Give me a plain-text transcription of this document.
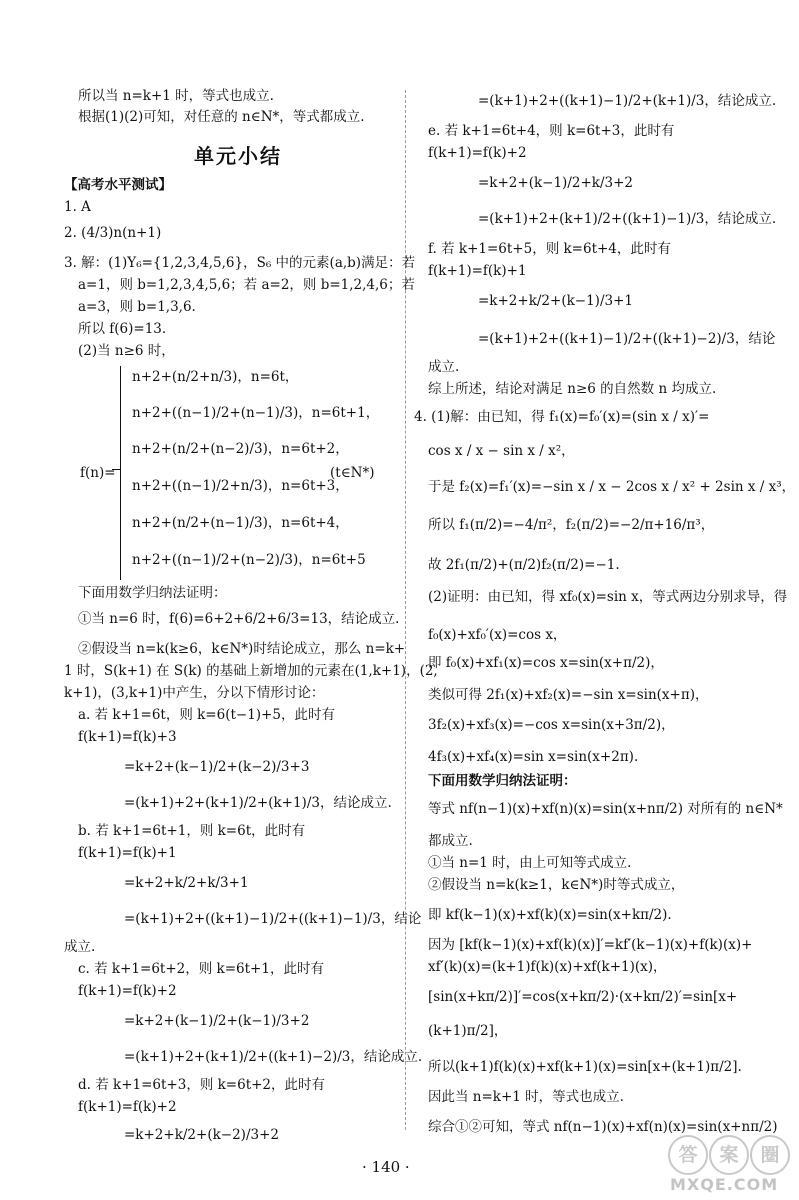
所以当 n=k+1 时，等式也成立.
根据(1)(2)可知，对任意的 n∈N*，等式都成立.
单元小结
【高考水平测试】
1. A
2. (4/3)n(n+1)
3. 解：(1)Y₆={1,2,3,4,5,6}，S₆ 中的元素(a,b)满足：若
a=1，则 b=1,2,3,4,5,6；若 a=2，则 b=1,2,4,6；若
a=3，则 b=1,3,6.
所以 f(6)=13.
(2)当 n≥6 时，
f(n)=
n+2+(n/2+n/3)，n=6t，
n+2+((n−1)/2+(n−1)/3)，n=6t+1，
n+2+(n/2+(n−2)/3)，n=6t+2，
n+2+((n−1)/2+n/3)，n=6t+3，
n+2+(n/2+(n−1)/3)，n=6t+4，
n+2+((n−1)/2+(n−2)/3)，n=6t+5
(t∈N*)
下面用数学归纳法证明：
①当 n=6 时，f(6)=6+2+6/2+6/3=13，结论成立.
②假设当 n=k(k≥6，k∈N*)时结论成立，那么 n=k+
1 时，S(k+1) 在 S(k) 的基础上新增加的元素在(1,k+1)，(2,
k+1)，(3,k+1)中产生，分以下情形讨论：
a. 若 k+1=6t，则 k=6(t−1)+5，此时有
f(k+1)=f(k)+3
=k+2+(k−1)/2+(k−2)/3+3
=(k+1)+2+(k+1)/2+(k+1)/3，结论成立.
b. 若 k+1=6t+1，则 k=6t，此时有
f(k+1)=f(k)+1
=k+2+k/2+k/3+1
=(k+1)+2+((k+1)−1)/2+((k+1)−1)/3，结论
成立.
c. 若 k+1=6t+2，则 k=6t+1，此时有
f(k+1)=f(k)+2
=k+2+(k−1)/2+(k−1)/3+2
=(k+1)+2+(k+1)/2+((k+1)−2)/3，结论成立.
d. 若 k+1=6t+3，则 k=6t+2，此时有
f(k+1)=f(k)+2
=k+2+k/2+(k−2)/3+2
=(k+1)+2+((k+1)−1)/2+(k+1)/3，结论成立.
e. 若 k+1=6t+4，则 k=6t+3，此时有
f(k+1)=f(k)+2
=k+2+(k−1)/2+k/3+2
=(k+1)+2+(k+1)/2+((k+1)−1)/3，结论成立.
f. 若 k+1=6t+5，则 k=6t+4，此时有
f(k+1)=f(k)+1
=k+2+k/2+(k−1)/3+1
=(k+1)+2+((k+1)−1)/2+((k+1)−2)/3，结论
成立.
综上所述，结论对满足 n≥6 的自然数 n 均成立.
4. (1)解：由已知，得 f₁(x)=f₀′(x)=(sin x / x)′=
cos x / x − sin x / x²，
于是 f₂(x)=f₁′(x)=−sin x / x − 2cos x / x² + 2sin x / x³，
所以 f₁(π/2)=−4/π²，f₂(π/2)=−2/π+16/π³，
故 2f₁(π/2)+(π/2)f₂(π/2)=−1.
(2)证明：由已知，得 xf₀(x)=sin x，等式两边分别求导，得
f₀(x)+xf₀′(x)=cos x，
即 f₀(x)+xf₁(x)=cos x=sin(x+π/2)，
类似可得 2f₁(x)+xf₂(x)=−sin x=sin(x+π)，
3f₂(x)+xf₃(x)=−cos x=sin(x+3π/2)，
4f₃(x)+xf₄(x)=sin x=sin(x+2π).
下面用数学归纳法证明：
等式 nf(n−1)(x)+xf(n)(x)=sin(x+nπ/2) 对所有的 n∈N*
都成立.
①当 n=1 时，由上可知等式成立.
②假设当 n=k(k≥1，k∈N*)时等式成立，
即 kf(k−1)(x)+xf(k)(x)=sin(x+kπ/2).
因为 [kf(k−1)(x)+xf(k)(x)]′=kf′(k−1)(x)+f(k)(x)+
xf′(k)(x)=(k+1)f(k)(x)+xf(k+1)(x)，
[sin(x+kπ/2)]′=cos(x+kπ/2)·(x+kπ/2)′=sin[x+
(k+1)π/2]，
所以(k+1)f(k)(x)+xf(k+1)(x)=sin[x+(k+1)π/2].
因此当 n=k+1 时，等式也成立.
综合①②可知，等式 nf(n−1)(x)+xf(n)(x)=sin(x+nπ/2)
· 140 ·
答	案	圈
MXQE.COM
